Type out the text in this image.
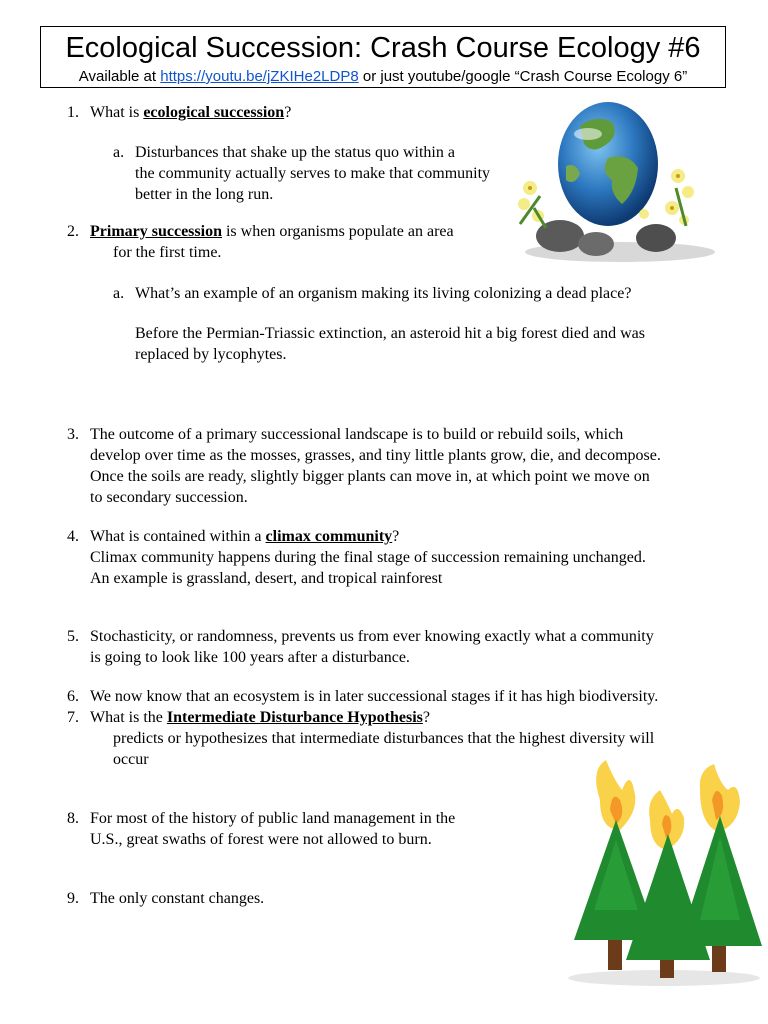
Ecological Succession: Crash Course Ecology #6
Available at https://youtu.be/jZKIHe2LDP8 or just youtube/google “Crash Course Ecology 6”
1. What is ecological succession?
a. Disturbances that shake up the status quo within a
the community actually serves to make that community
better in the long run.
2. Primary succession is when organisms populate an area
for the first time.
a. What’s an example of an organism making its living colonizing a dead place?
Before the Permian-Triassic extinction, an asteroid hit a big forest died and was
replaced by lycophytes.
3. The outcome of a primary successional landscape is to build or rebuild soils, which
develop over time as the mosses, grasses, and tiny little plants grow, die, and decompose.
Once the soils are ready, slightly bigger plants can move in, at which point we move on
to secondary succession.
4. What is contained within a climax community?
Climax community happens during the final stage of succession remaining unchanged.
An example is grassland, desert, and tropical rainforest
5. Stochasticity, or randomness, prevents us from ever knowing exactly what a community
is going to look like 100 years after a disturbance.
6. We now know that an ecosystem is in later successional stages if it has high biodiversity.
7. What is the Intermediate Disturbance Hypothesis?
predicts or hypothesizes that intermediate disturbances that the highest diversity will
occur
8. For most of the history of public land management in the
U.S., great swaths of forest were not allowed to burn.
9. The only constant changes.
